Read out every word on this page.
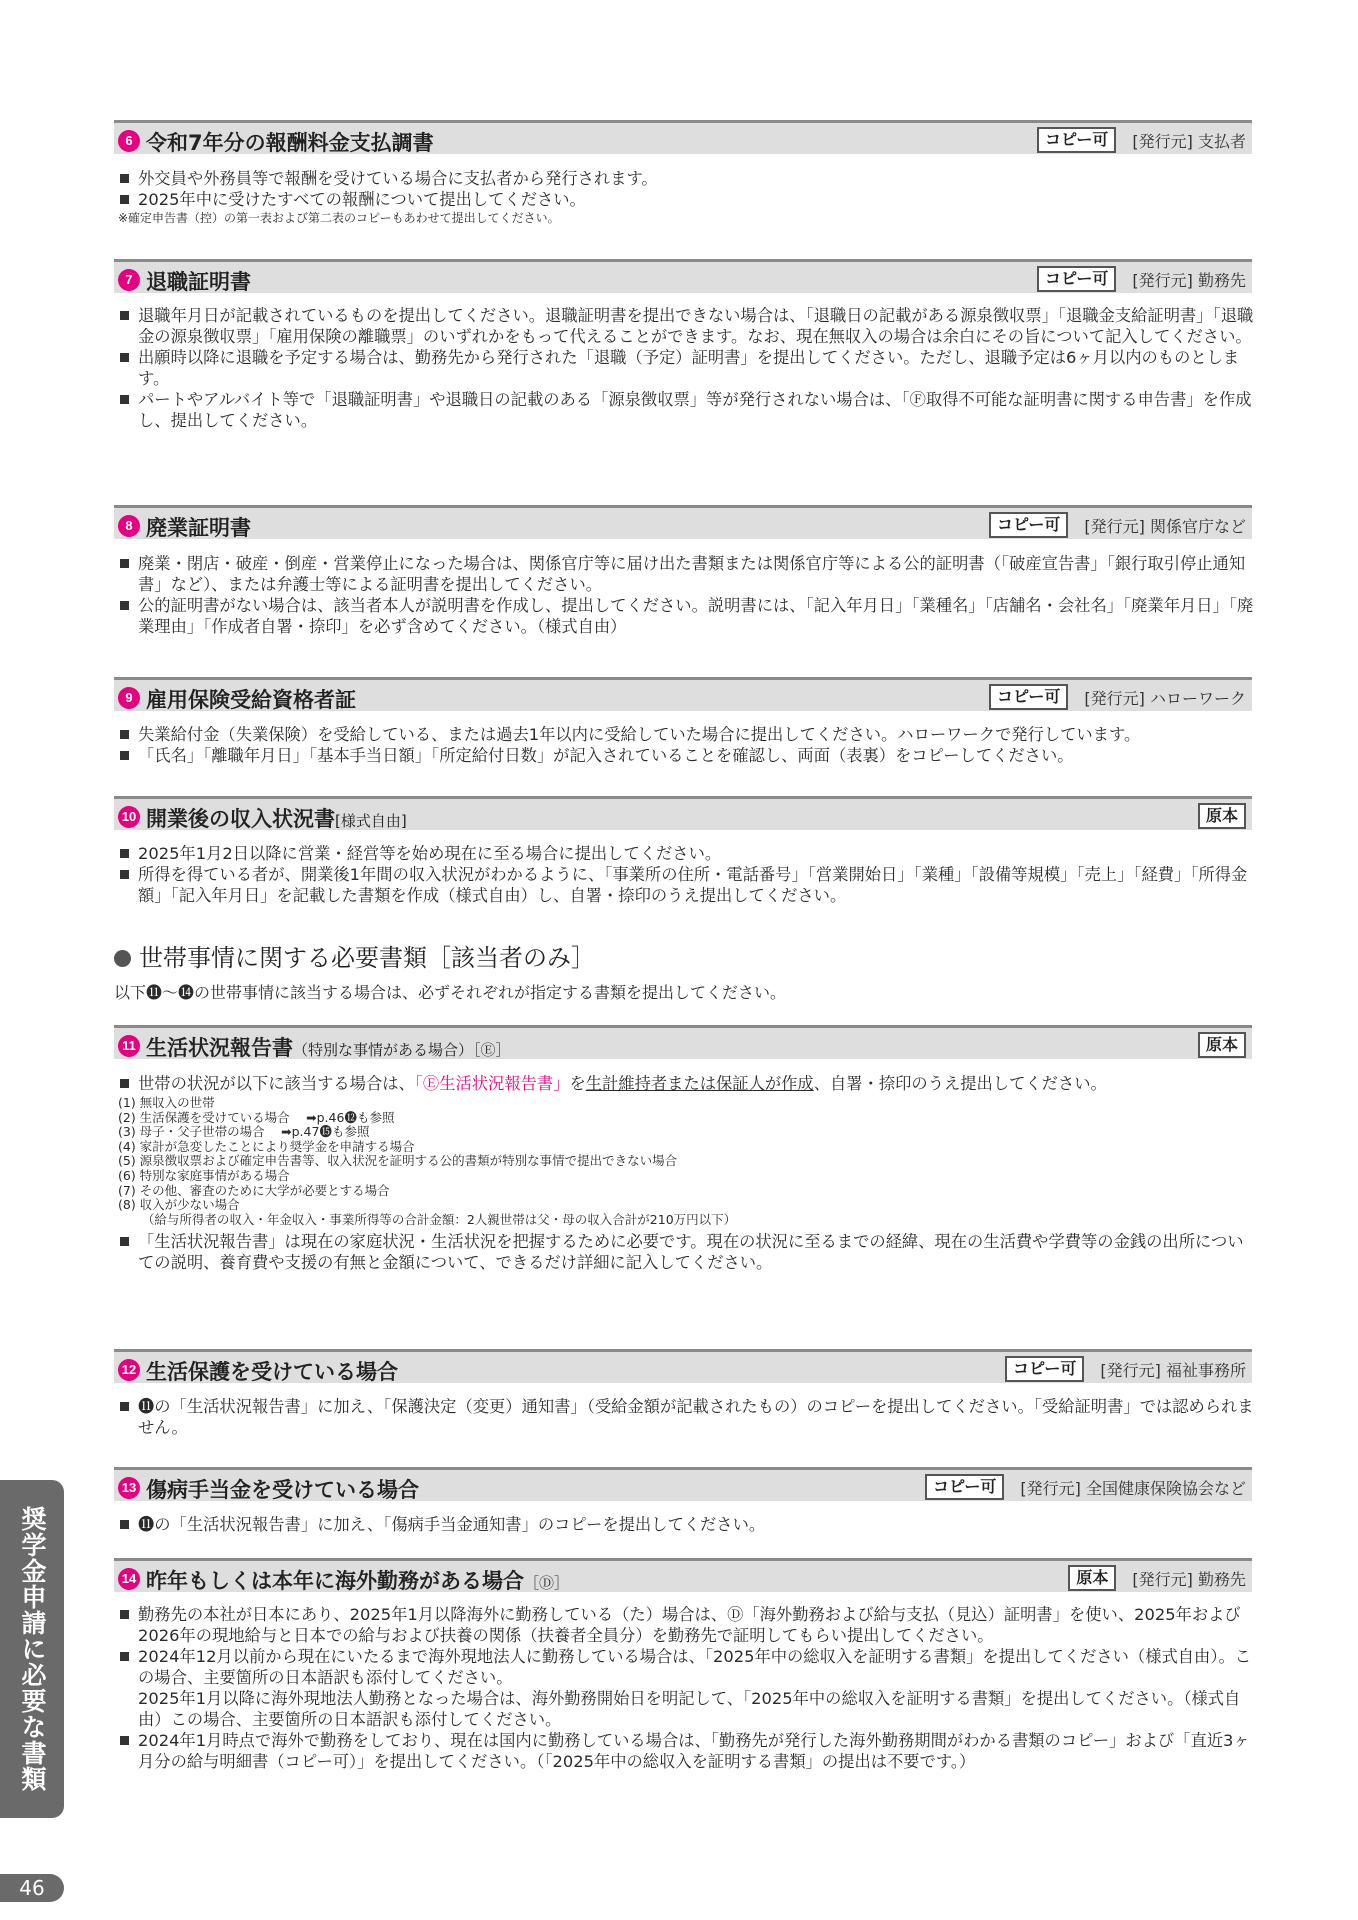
6 令和7年分の報酬料金支払調書	コピー可	[発行元] 支払者
外交員や外務員等で報酬を受けている場合に支払者から発行されます。
2025年中に受けたすべての報酬について提出してください。
※確定申告書（控）の第一表および第二表のコピーもあわせて提出してください。
7 退職証明書	コピー可	[発行元] 勤務先
退職年月日が記載されているものを提出してください。退職証明書を提出できない場合は、「退職日の記載がある源泉徴収票」「退職金支給証明書」「退職金の源泉徴収票」「雇用保険の離職票」のいずれかをもって代えることができます。なお、現在無収入の場合は余白にその旨について記入してください。
出願時以降に退職を予定する場合は、勤務先から発行された「退職（予定）証明書」を提出してください。ただし、退職予定は6ヶ月以内のものとします。
パートやアルバイト等で「退職証明書」や退職日の記載のある「源泉徴収票」等が発行されない場合は、「Ⓕ取得不可能な証明書に関する申告書」を作成し、提出してください。
8 廃業証明書	コピー可	[発行元] 関係官庁など
廃業・閉店・破産・倒産・営業停止になった場合は、関係官庁等に届け出た書類または関係官庁等による公的証明書（「破産宣告書」「銀行取引停止通知書」など）、または弁護士等による証明書を提出してください。
公的証明書がない場合は、該当者本人が説明書を作成し、提出してください。説明書には、「記入年月日」「業種名」「店舗名・会社名」「廃業年月日」「廃業理由」「作成者自署・捺印」を必ず含めてください。（様式自由）
9 雇用保険受給資格者証	コピー可	[発行元] ハローワーク
失業給付金（失業保険）を受給している、または過去1年以内に受給していた場合に提出してください。ハローワークで発行しています。
「氏名」「離職年月日」「基本手当日額」「所定給付日数」が記入されていることを確認し、両面（表裏）をコピーしてください。
10 開業後の収入状況書[様式自由]	原本
2025年1月2日以降に営業・経営等を始め現在に至る場合に提出してください。
所得を得ている者が、開業後1年間の収入状況がわかるように、「事業所の住所・電話番号」「営業開始日」「業種」「設備等規模」「売上」「経費」「所得金額」「記入年月日」を記載した書類を作成（様式自由）し、自署・捺印のうえ提出してください。
世帯事情に関する必要書類［該当者のみ］
以下⓫〜⓮の世帯事情に該当する場合は、必ずそれぞれが指定する書類を提出してください。
11 生活状況報告書（特別な事情がある場合）［Ⓔ］	原本
世帯の状況が以下に該当する場合は、「Ⓔ生活状況報告書」を生計維持者または保証人が作成、自署・捺印のうえ提出してください。
(1) 無収入の世帯
(2) 生活保護を受けている場合　 ➡p.46⓬も参照
(3) 母子・父子世帯の場合　 ➡p.47⓯も参照
(4) 家計が急変したことにより奨学金を申請する場合
(5) 源泉徴収票および確定申告書等、収入状況を証明する公的書類が特別な事情で提出できない場合
(6) 特別な家庭事情がある場合
(7) その他、審査のために大学が必要とする場合
(8) 収入が少ない場合
（給与所得者の収入・年金収入・事業所得等の合計金額：2人親世帯は父・母の収入合計が210万円以下）
「生活状況報告書」は現在の家庭状況・生活状況を把握するために必要です。現在の状況に至るまでの経緯、現在の生活費や学費等の金銭の出所についての説明、養育費や支援の有無と金額について、できるだけ詳細に記入してください。
12 生活保護を受けている場合	コピー可	[発行元] 福祉事務所
⓫の「生活状況報告書」に加え、「保護決定（変更）通知書」（受給金額が記載されたもの）のコピーを提出してください。「受給証明書」では認められません。
13 傷病手当金を受けている場合	コピー可	[発行元] 全国健康保険協会など
⓫の「生活状況報告書」に加え、「傷病手当金通知書」のコピーを提出してください。
14 昨年もしくは本年に海外勤務がある場合［Ⓓ］	原本	[発行元] 勤務先
勤務先の本社が日本にあり、2025年1月以降海外に勤務している（た）場合は、Ⓓ「海外勤務および給与支払（見込）証明書」を使い、2025年および2026年の現地給与と日本での給与および扶養の関係（扶養者全員分）を勤務先で証明してもらい提出してください。
2024年12月以前から現在にいたるまで海外現地法人に勤務している場合は、「2025年中の総収入を証明する書類」を提出してください（様式自由）。この場合、主要箇所の日本語訳も添付してください。
2025年1月以降に海外現地法人勤務となった場合は、海外勤務開始日を明記して、「2025年中の総収入を証明する書類」を提出してください。（様式自由）この場合、主要箇所の日本語訳も添付してください。
2024年1月時点で海外で勤務をしており、現在は国内に勤務している場合は、「勤務先が発行した海外勤務期間がわかる書類のコピー」および「直近3ヶ月分の給与明細書（コピー可）」を提出してください。（「2025年中の総収入を証明する書類」の提出は不要です。）
奨学金申請に必要な書類
46
